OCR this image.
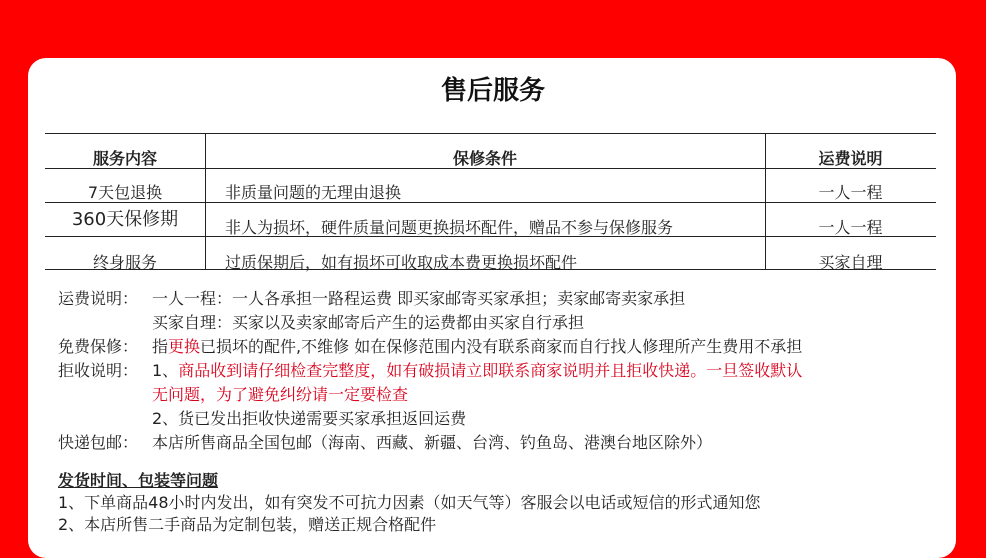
售后服务
服务内容	保修条件	运费说明
7天包退换	非质量问题的无理由退换	一人一程
360天保修期	非人为损坏，硬件质量问题更换损坏配件，赠品不参与保修服务	一人一程
终身服务	过质保期后，如有损坏可收取成本费更换损坏配件	买家自理
运费说明： 一人一程：一人各承担一路程运费 即买家邮寄买家承担；卖家邮寄卖家承担
买家自理：买家以及卖家邮寄后产生的运费都由买家自行承担
免费保修： 指更换已损坏的配件,不维修 如在保修范围内没有联系商家而自行找人修理所产生费用不承担
拒收说明： 1、 商品收到请仔细检查完整度，如有破损请立即联系商家说明并且拒收快递。一旦签收默认
无问题，为了避免纠纷请一定要检查
2、货已发出拒收快递需要买家承担返回运费
快递包邮： 本店所售商品全国包邮（海南、西藏、新疆、台湾、钓鱼岛、港澳台地区除外）
发货时间、包装等问题
1、下单商品48小时内发出，如有突发不可抗力因素（如天气等）客服会以电话或短信的形式通知您
2、本店所售二手商品为定制包装，赠送正规合格配件
